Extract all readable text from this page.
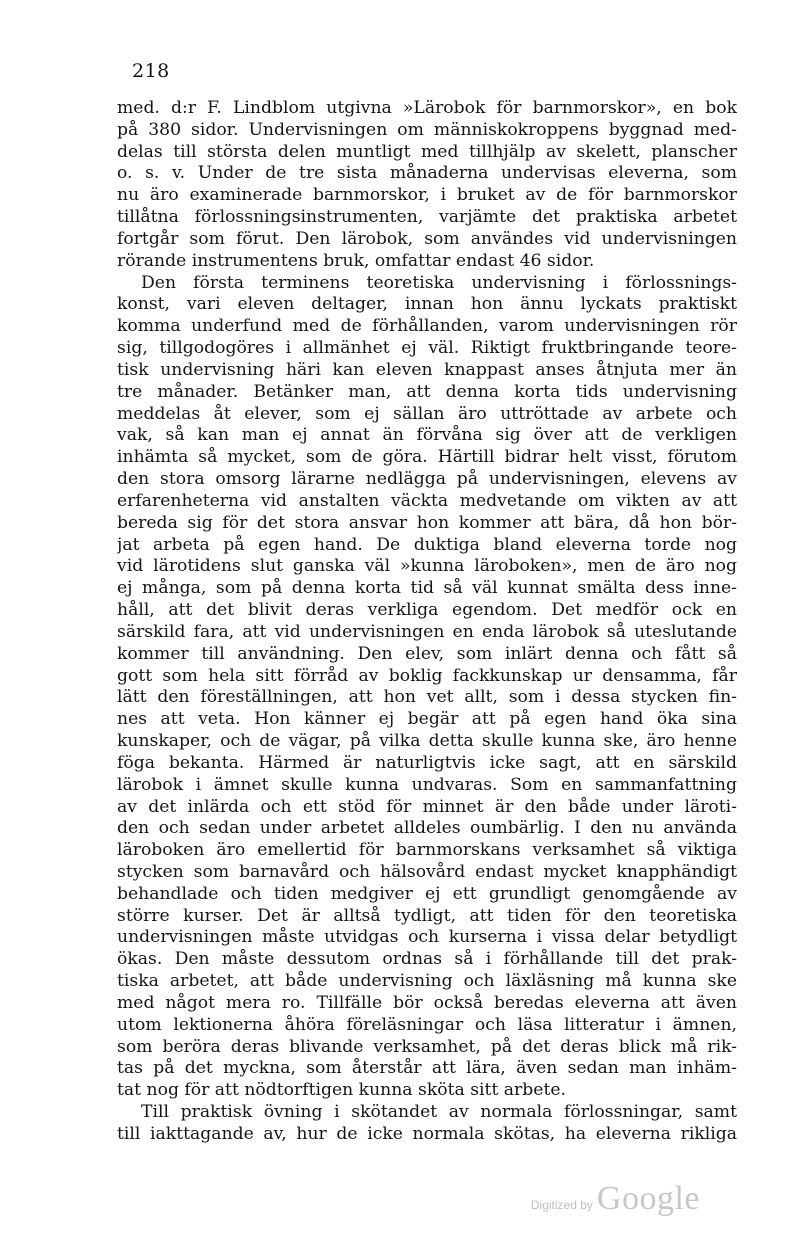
218
med. d:r F. Lindblom utgivna »Lärobok för barnmorskor», en bok
på 380 sidor. Undervisningen om människokroppens byggnad med-
delas till största delen muntligt med tillhjälp av skelett, planscher
o. s. v. Under de tre sista månaderna undervisas eleverna, som
nu äro examinerade barnmorskor, i bruket av de för barnmorskor
tillåtna förlossningsinstrumenten, varjämte det praktiska arbetet
fortgår som förut. Den lärobok, som användes vid undervisningen
rörande instrumentens bruk, omfattar endast 46 sidor.
Den första terminens teoretiska undervisning i förlossnings-
konst, vari eleven deltager, innan hon ännu lyckats praktiskt
komma underfund med de förhållanden, varom undervisningen rör
sig, tillgodogöres i allmänhet ej väl. Riktigt fruktbringande teore-
tisk undervisning häri kan eleven knappast anses åtnjuta mer än
tre månader. Betänker man, att denna korta tids undervisning
meddelas åt elever, som ej sällan äro uttröttade av arbete och
vak, så kan man ej annat än förvåna sig över att de verkligen
inhämta så mycket, som de göra. Härtill bidrar helt visst, förutom
den stora omsorg lärarne nedlägga på undervisningen, elevens av
erfarenheterna vid anstalten väckta medvetande om vikten av att
bereda sig för det stora ansvar hon kommer att bära, då hon bör-
jat arbeta på egen hand. De duktiga bland eleverna torde nog
vid lärotidens slut ganska väl »kunna läroboken», men de äro nog
ej många, som på denna korta tid så väl kunnat smälta dess inne-
håll, att det blivit deras verkliga egendom. Det medför ock en
särskild fara, att vid undervisningen en enda lärobok så uteslutande
kommer till användning. Den elev, som inlärt denna och fått så
gott som hela sitt förråd av boklig fackkunskap ur densamma, får
lätt den föreställningen, att hon vet allt, som i dessa stycken fin-
nes att veta. Hon känner ej begär att på egen hand öka sina
kunskaper, och de vägar, på vilka detta skulle kunna ske, äro henne
föga bekanta. Härmed är naturligtvis icke sagt, att en särskild
lärobok i ämnet skulle kunna undvaras. Som en sammanfattning
av det inlärda och ett stöd för minnet är den både under läroti-
den och sedan under arbetet alldeles oumbärlig. I den nu använda
läroboken äro emellertid för barnmorskans verksamhet så viktiga
stycken som barnavård och hälsovård endast mycket knapphändigt
behandlade och tiden medgiver ej ett grundligt genomgående av
större kurser. Det är alltså tydligt, att tiden för den teoretiska
undervisningen måste utvidgas och kurserna i vissa delar betydligt
ökas. Den måste dessutom ordnas så i förhållande till det prak-
tiska arbetet, att både undervisning och läxläsning må kunna ske
med något mera ro. Tillfälle bör också beredas eleverna att även
utom lektionerna åhöra föreläsningar och läsa litteratur i ämnen,
som berörа deras blivande verksamhet, på det deras blick må rik-
tas på det myckna, som återstår att lära, även sedan man inhäm-
tat nog för att nödtorftigen kunna sköta sitt arbete.
Till praktisk övning i skötandet av normala förlossningar, samt
till iakttagande av, hur de icke normala skötas, ha eleverna rikliga
Digitized by Google
